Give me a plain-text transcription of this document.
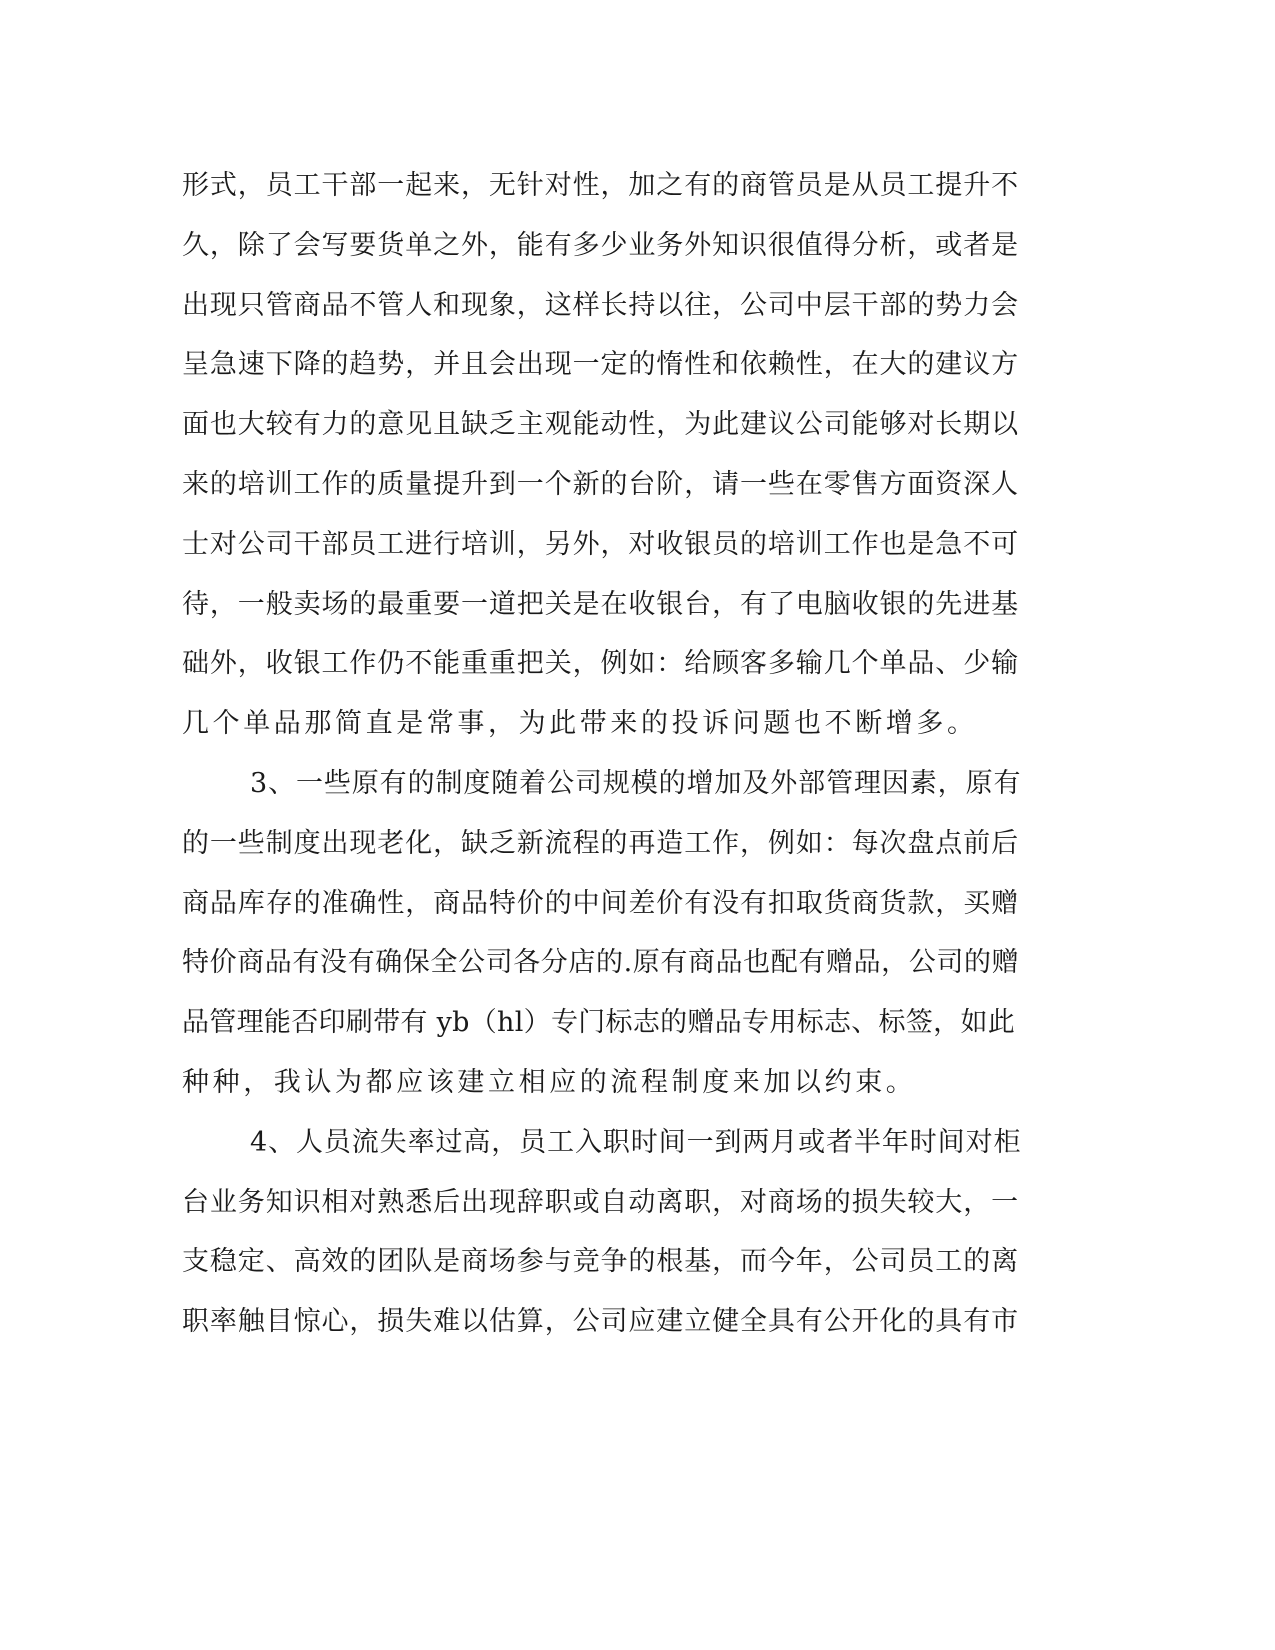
形式，员工干部一起来，无针对性，加之有的商管员是从员工提升不
久，除了会写要货单之外，能有多少业务外知识很值得分析，或者是
出现只管商品不管人和现象，这样长持以往，公司中层干部的势力会
呈急速下降的趋势，并且会出现一定的惰性和依赖性，在大的建议方
面也大较有力的意见且缺乏主观能动性，为此建议公司能够对长期以
来的培训工作的质量提升到一个新的台阶，请一些在零售方面资深人
士对公司干部员工进行培训，另外，对收银员的培训工作也是急不可
待，一般卖场的最重要一道把关是在收银台，有了电脑收银的先进基
础外，收银工作仍不能重重把关，例如：给顾客多输几个单品、少输
几个单品那简直是常事，为此带来的投诉问题也不断增多。
3、一些原有的制度随着公司规模的增加及外部管理因素，原有
的一些制度出现老化，缺乏新流程的再造工作，例如：每次盘点前后
商品库存的准确性，商品特价的中间差价有没有扣取货商货款，买赠
特价商品有没有确保全公司各分店的.原有商品也配有赠品，公司的赠
品管理能否印刷带有 yb（hl）专门标志的赠品专用标志、标签，如此
种种，我认为都应该建立相应的流程制度来加以约束。
4、人员流失率过高，员工入职时间一到两月或者半年时间对柜
台业务知识相对熟悉后出现辞职或自动离职，对商场的损失较大，一
支稳定、高效的团队是商场参与竞争的根基，而今年，公司员工的离
职率触目惊心，损失难以估算，公司应建立健全具有公开化的具有市
